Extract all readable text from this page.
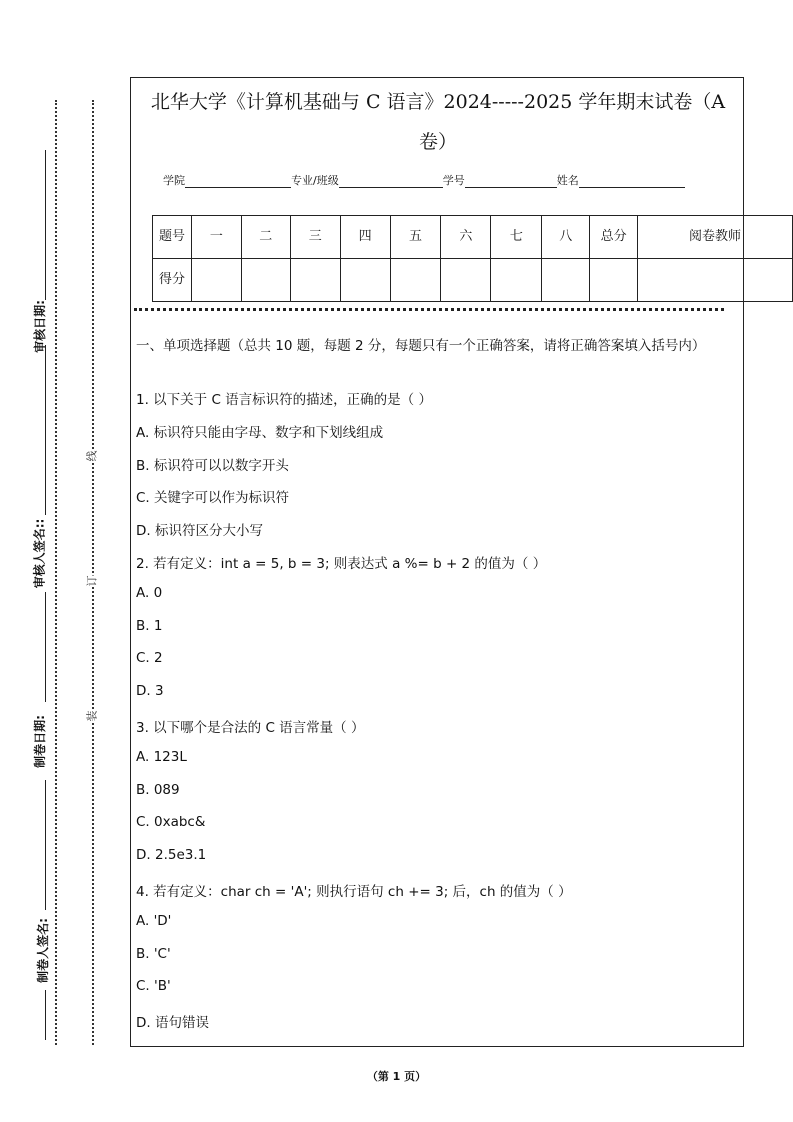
制卷人签名:
制卷日期:
审核人签名::
审核日期:
线
订
装
北华大学《计算机基础与 C 语言》2024-----2025 学年期末试卷（A
卷）
学院	专业/班级	学号	姓名
题号	一	二	三	四	五	六	七	八	总分	阅卷教师
得分										
一、单项选择题（总共 10 题，每题 2 分，每题只有一个正确答案，请将正确答案填入括号内）
1. 以下关于 C 语言标识符的描述，正确的是（ ）
A. 标识符只能由字母、数字和下划线组成
B. 标识符可以以数字开头
C. 关键字可以作为标识符
D. 标识符区分大小写
2. 若有定义：int a = 5, b = 3; 则表达式 a %= b + 2 的值为（ ）
A. 0
B. 1
C. 2
D. 3
3. 以下哪个是合法的 C 语言常量（ ）
A. 123L
B. 089
C. 0xabc&
D. 2.5e3.1
4. 若有定义：char ch = 'A'; 则执行语句 ch += 3; 后，ch 的值为（ ）
A. 'D'
B. 'C'
C. 'B'
D. 语句错误
（第 1 页）
